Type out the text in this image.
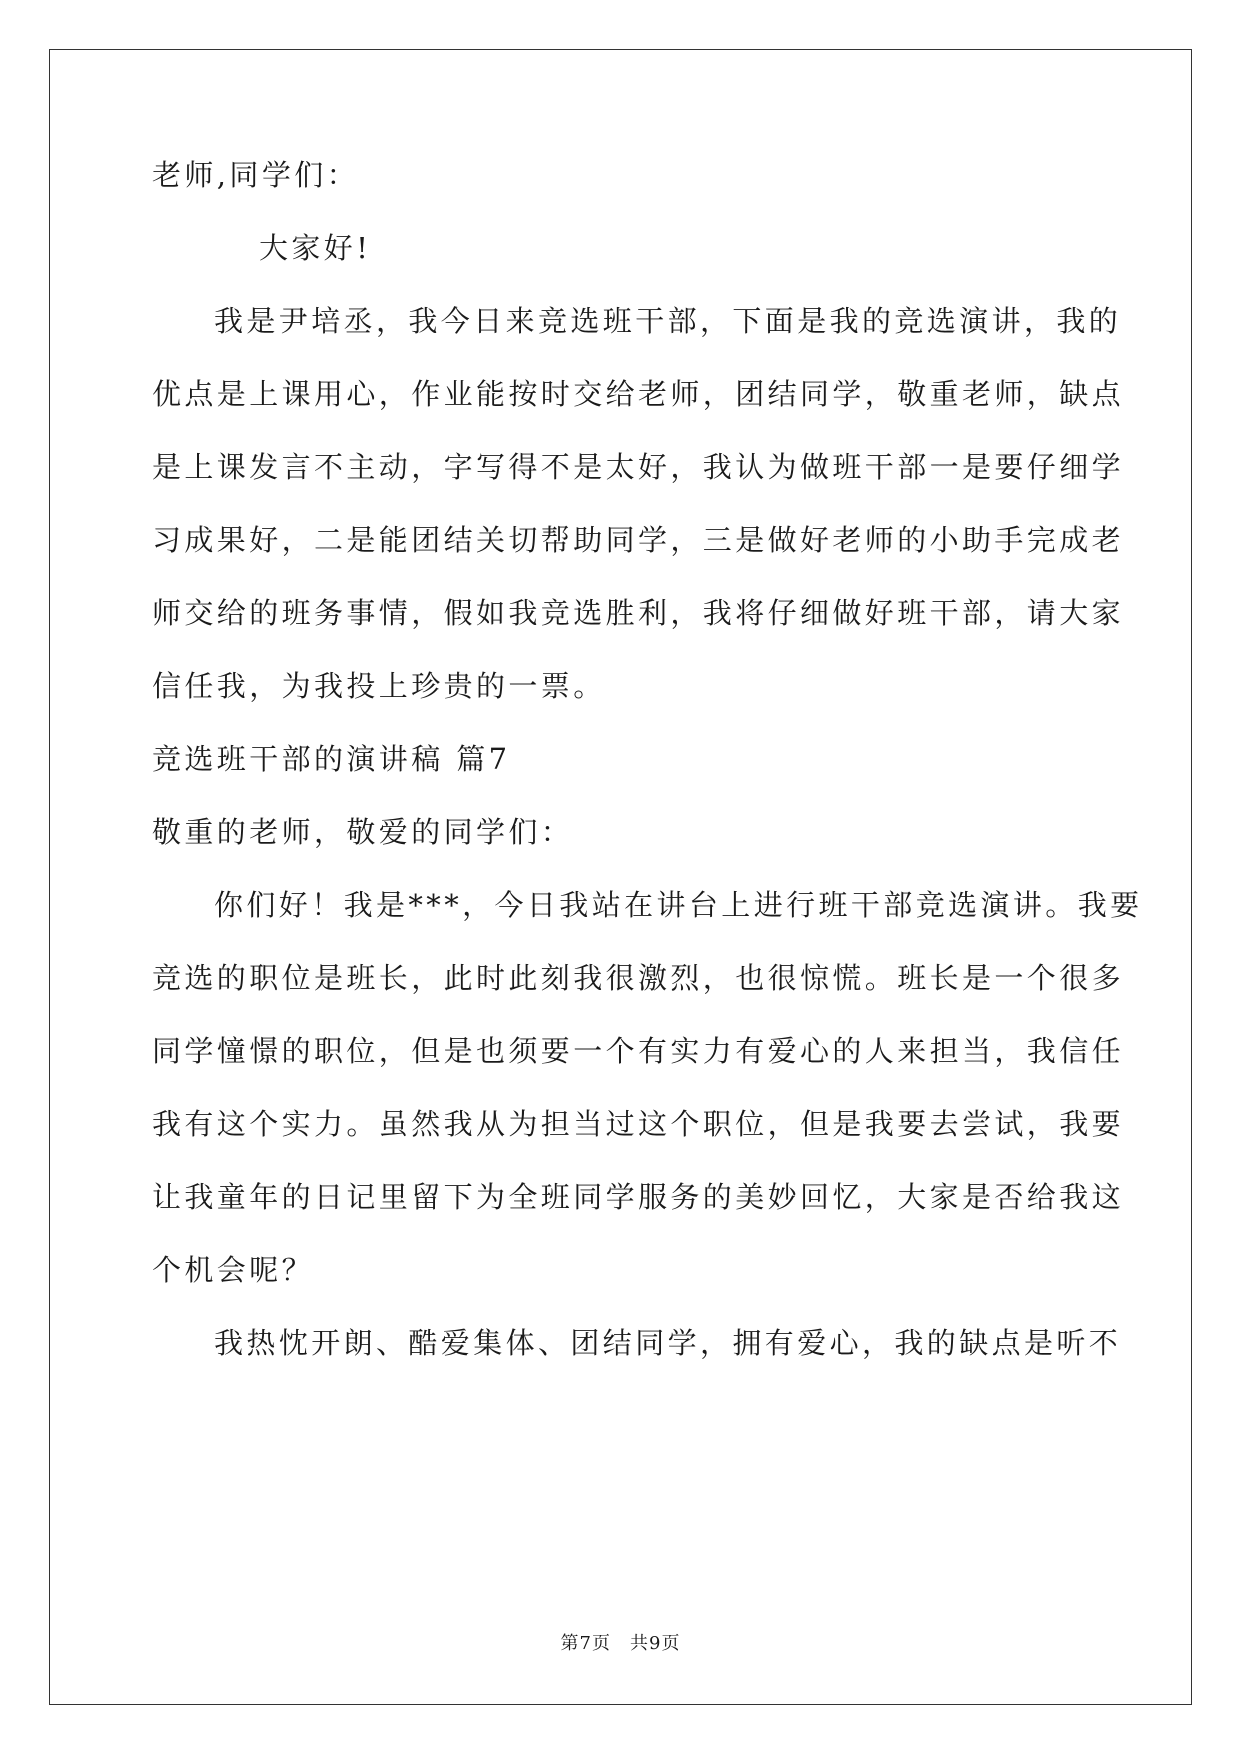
老师,同学们：
大家好!
我是尹培丞，我今日来竞选班干部，下面是我的竞选演讲，我的
优点是上课用心，作业能按时交给老师，团结同学，敬重老师，缺点
是上课发言不主动，字写得不是太好，我认为做班干部一是要仔细学
习成果好，二是能团结关切帮助同学，三是做好老师的小助手完成老
师交给的班务事情，假如我竞选胜利，我将仔细做好班干部，请大家
信任我，为我投上珍贵的一票。
竞选班干部的演讲稿 篇7
敬重的老师，敬爱的同学们：
你们好！我是***，今日我站在讲台上进行班干部竞选演讲。我要
竞选的职位是班长，此时此刻我很激烈，也很惊慌。班长是一个很多
同学憧憬的职位，但是也须要一个有实力有爱心的人来担当，我信任
我有这个实力。虽然我从为担当过这个职位，但是我要去尝试，我要
让我童年的日记里留下为全班同学服务的美妙回忆，大家是否给我这
个机会呢？
我热忱开朗、酷爱集体、团结同学，拥有爱心，我的缺点是听不
第7页　共9页
